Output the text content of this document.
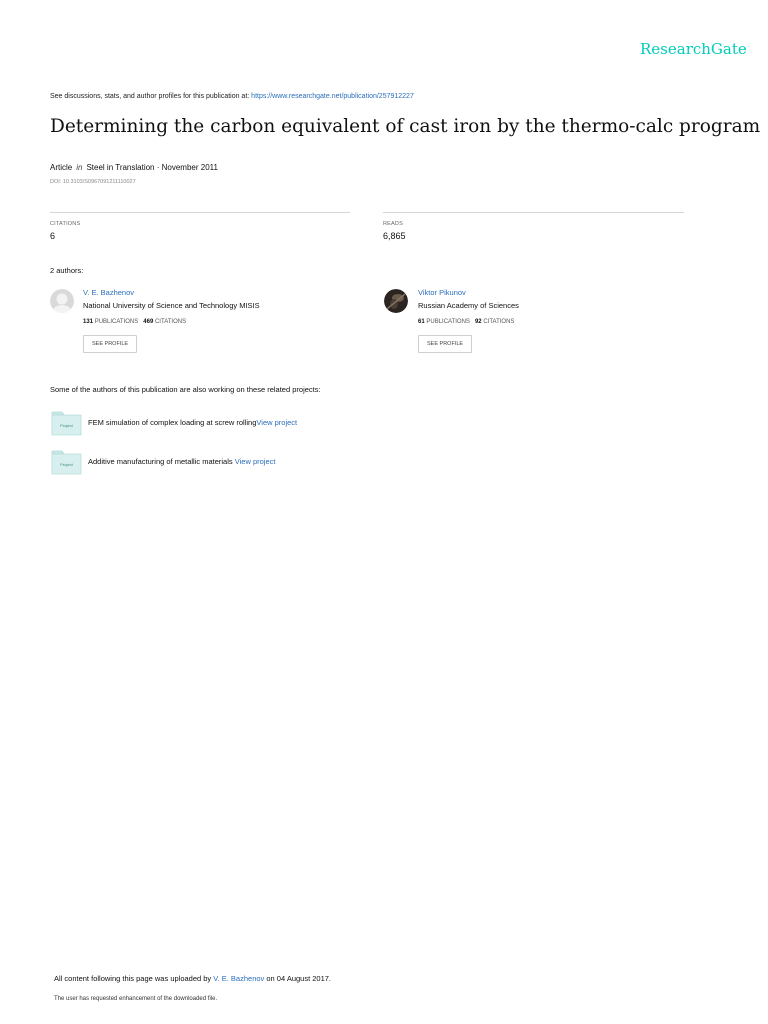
ResearchGate
See discussions, stats, and author profiles for this publication at: https://www.researchgate.net/publication/257912227
Determining the carbon equivalent of cast iron by the thermo-calc program
Article in Steel in Translation · November 2011
DOI: 10.3103/S0967091211110027
CITATIONS
6
READS
6,865
2 authors:
V. E. Bazhenov
National University of Science and Technology MISIS
131 PUBLICATIONS 469 CITATIONS
SEE PROFILE
Viktor Pikunov
Russian Academy of Sciences
61 PUBLICATIONS 92 CITATIONS
SEE PROFILE
Some of the authors of this publication are also working on these related projects:
Project FEM simulation of complex loading at screw rollingView project
Project Additive manufacturing of metallic materials View project
All content following this page was uploaded by V. E. Bazhenov on 04 August 2017.
The user has requested enhancement of the downloaded file.
